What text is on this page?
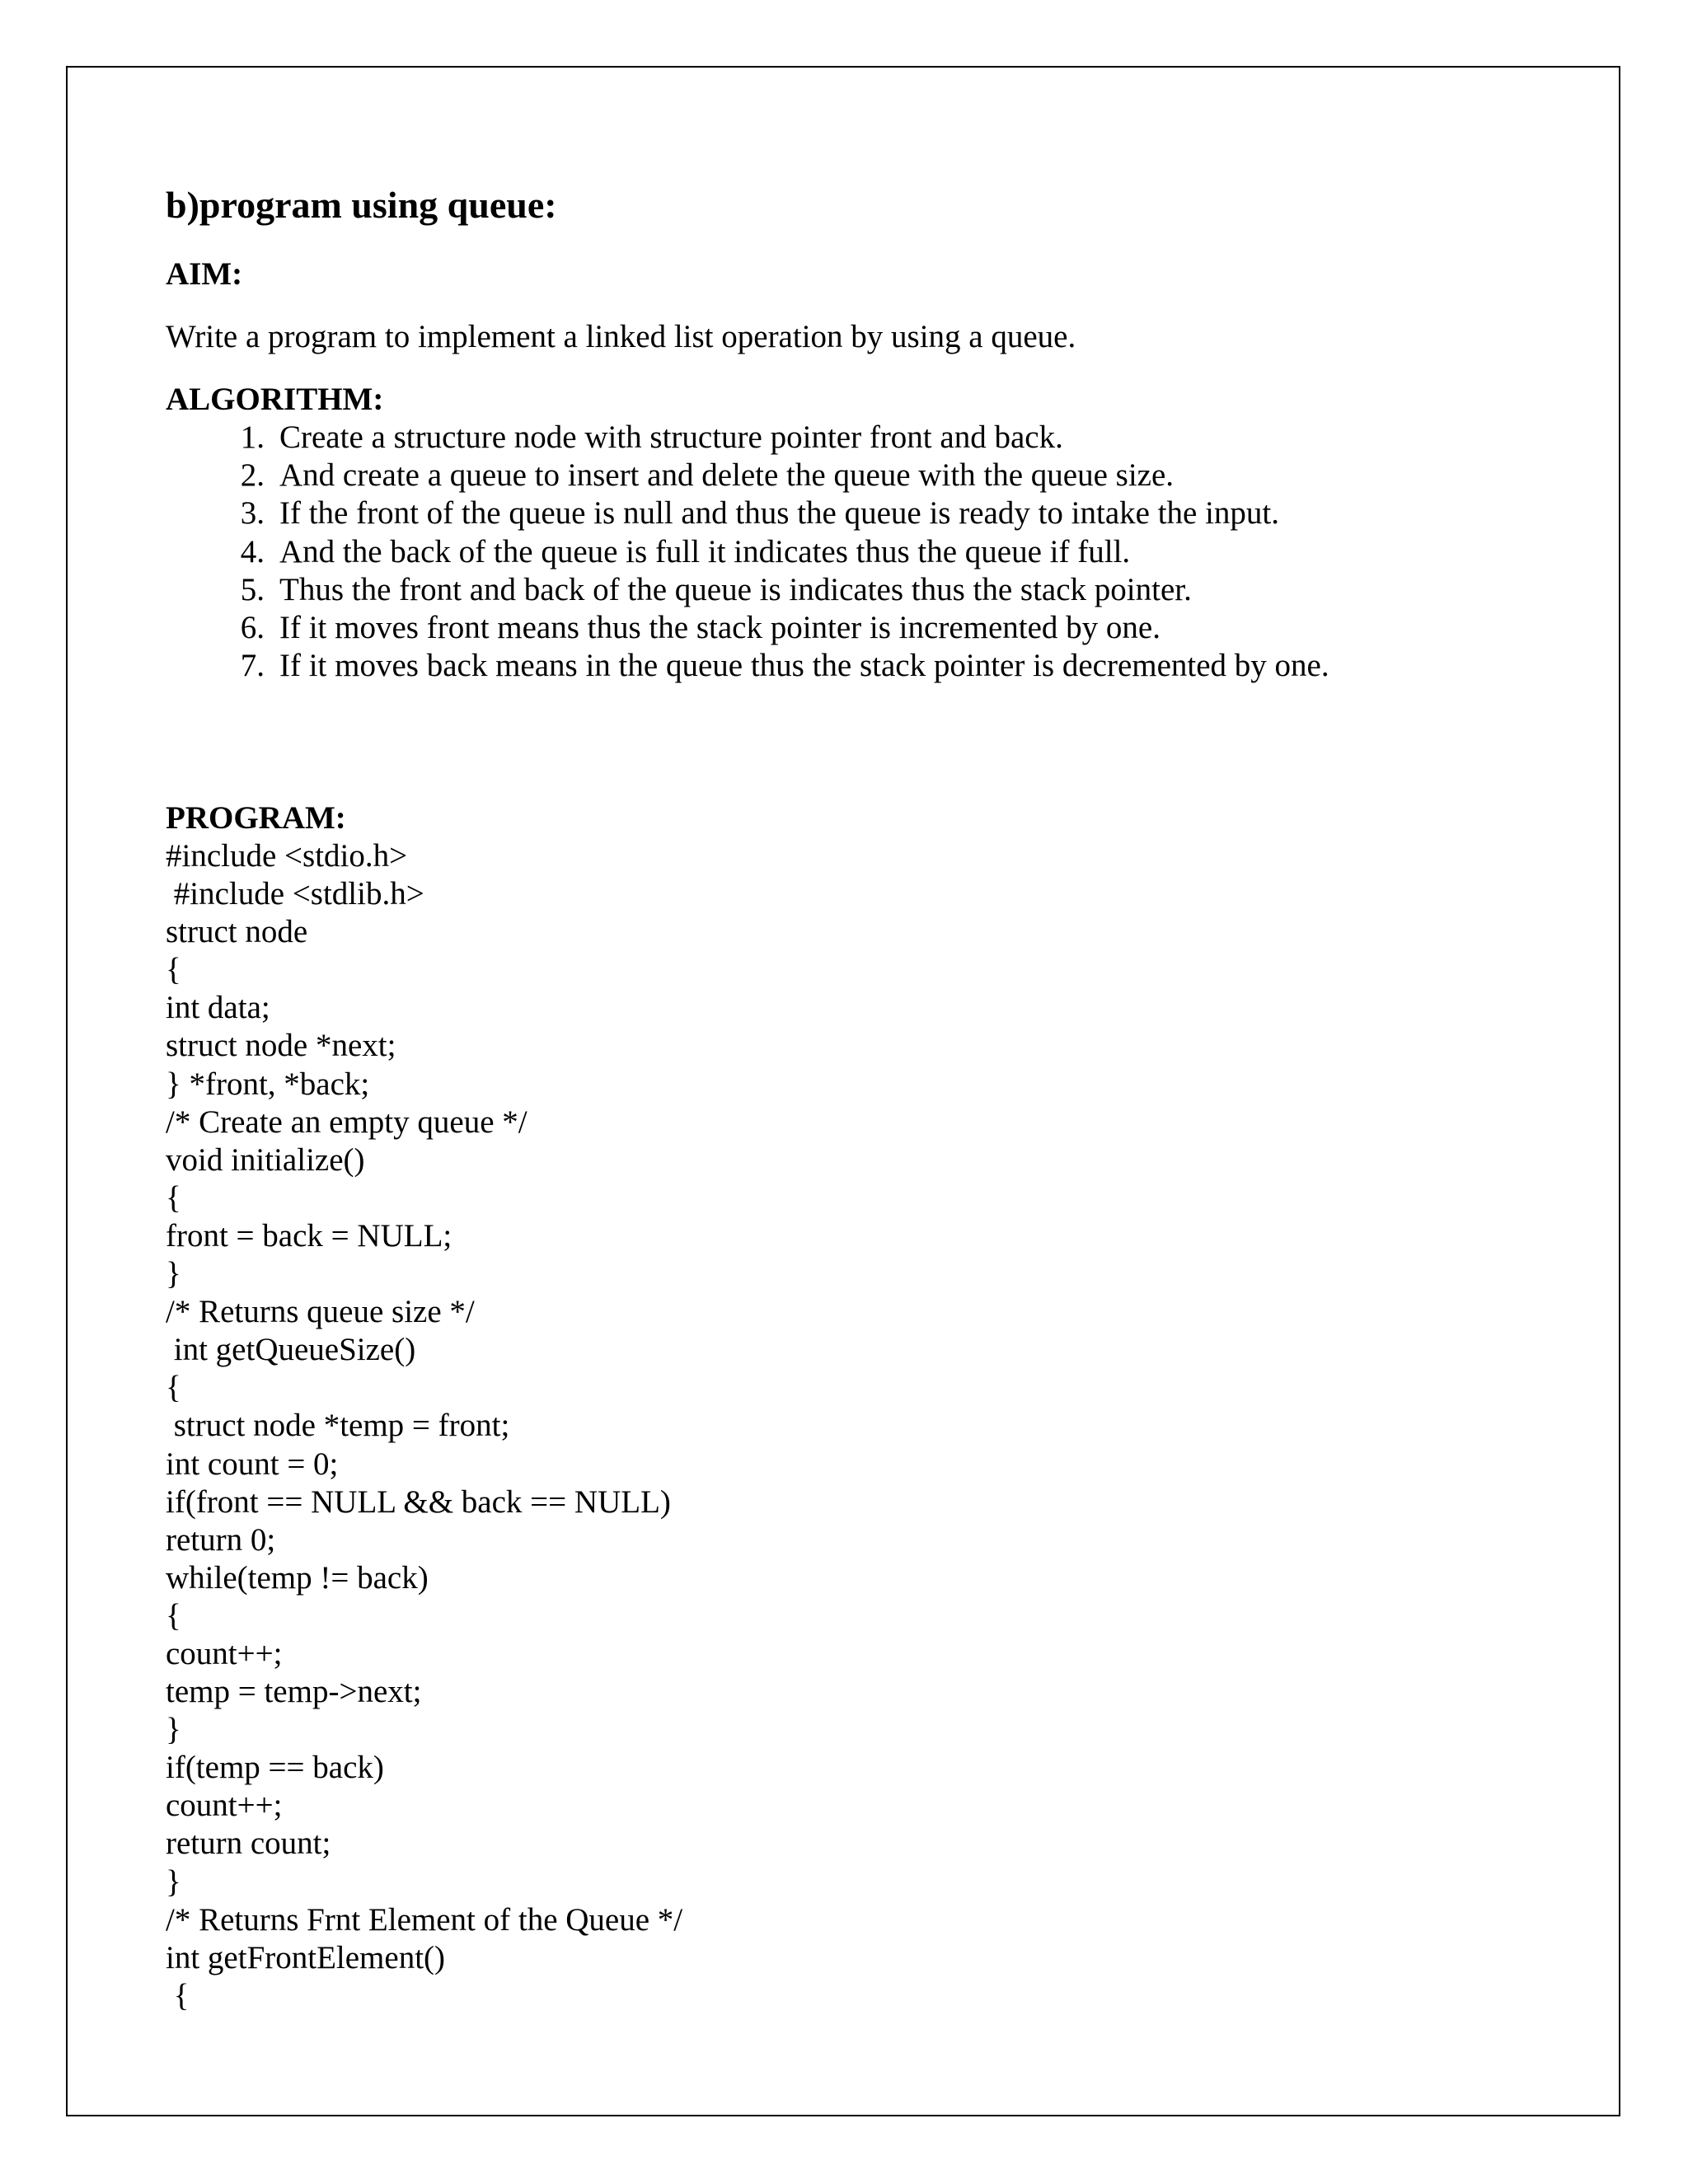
b)program using queue:

AIM:

Write a program to implement a linked list operation by using a queue.

ALGORITHM:

1. Create a structure node with structure pointer front and back.
2. And create a queue to insert and delete the queue with the queue size.
3. If the front of the queue is null and thus the queue is ready to intake the input.
4. And the back of the queue is full it indicates thus the queue if full.
5. Thus the front and back of the queue is indicates thus the stack pointer.
6. If it moves front means thus the stack pointer is incremented by one.
7. If it moves back means in the queue thus the stack pointer is decremented by one.

PROGRAM:

#include <stdio.h>
#include <stdlib.h>
struct node
{
int data;
struct node *next;
} *front, *back;
/* Create an empty queue */
void initialize()
{
front = back = NULL;
}
/* Returns queue size */
int getQueueSize()
{
struct node *temp = front;
int count = 0;
if(front == NULL && back == NULL)
return 0;
while(temp != back)
{
count++;
temp = temp->next;
}
if(temp == back)
count++;
return count;
}
/* Returns Frnt Element of the Queue */
int getFrontElement()
{
